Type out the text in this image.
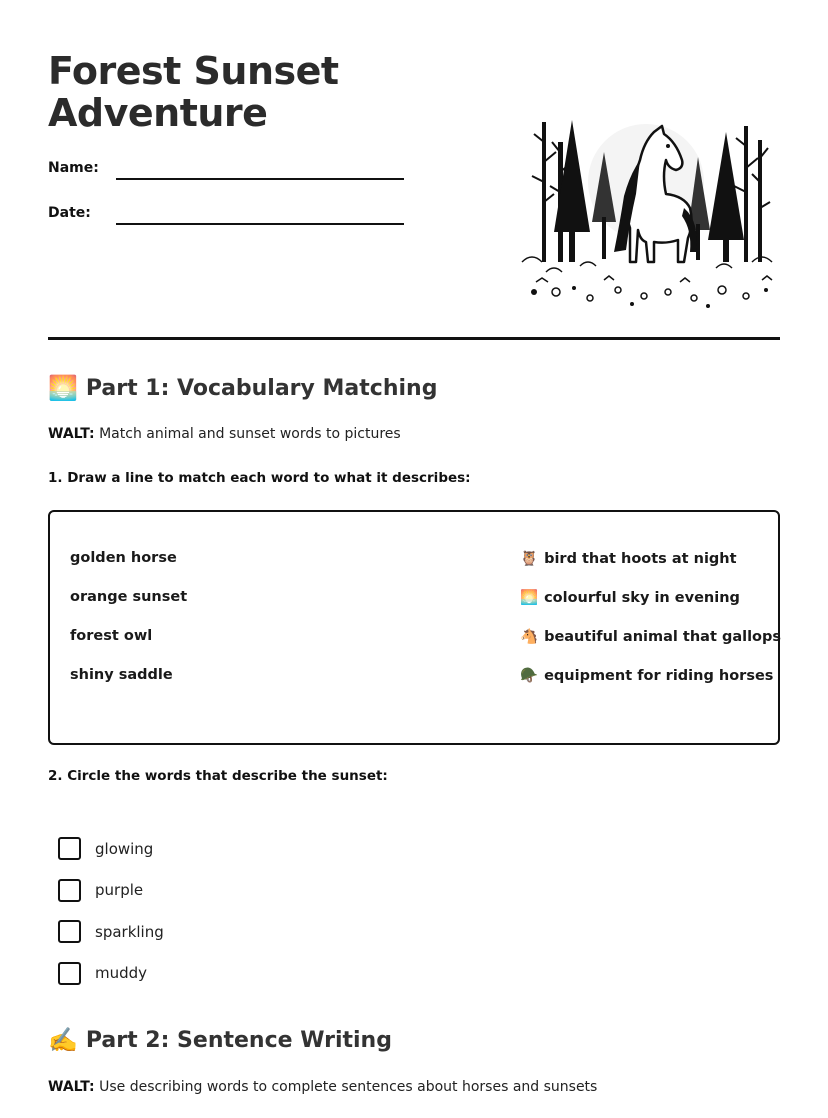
Forest Sunset
Adventure
Name:
Date:
🌅 Part 1: Vocabulary Matching
WALT: Match animal and sunset words to pictures
1. Draw a line to match each word to what it describes:
golden horse
orange sunset
forest owl
shiny saddle
🦉 bird that hoots at night
🌅 colourful sky in evening
🐴 beautiful animal that gallops
🪖 equipment for riding horses
2. Circle the words that describe the sunset:
glowing
purple
sparkling
muddy
✍️ Part 2: Sentence Writing
WALT: Use describing words to complete sentences about horses and sunsets
